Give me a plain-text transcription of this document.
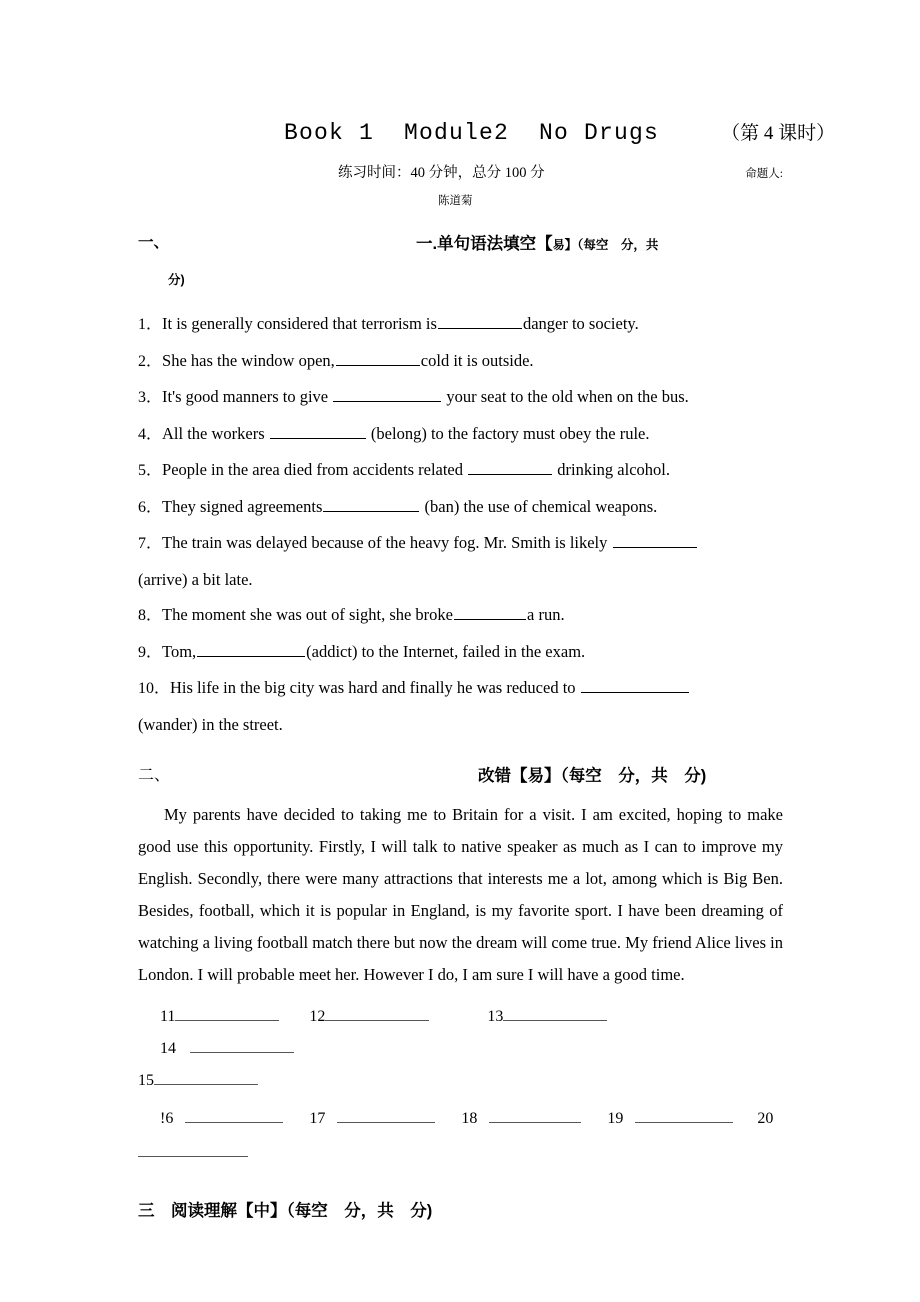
Book 1  Module2  No Drugs	（第 4 课时）
练习时间：40 分钟，总分 100 分	命题人:
陈道菊
一、	一.单句语法填空【易】（每空　分，共
分)
1．It is generally considered that terrorism is	danger to society.
2．She has the window open,	cold it is outside.
3．It's good manners to give	your seat to the old when on the bus.
4．All the workers	(belong) to the factory must obey the rule.
5．People in the area died from accidents related	drinking alcohol.
6．They signed agreements	(ban) the use of chemical weapons.
7．The train was delayed because of the heavy fog. Mr. Smith is likely
(arrive) a bit late.
8．The moment she was out of sight, she broke	a run.
9．Tom,	(addict) to the Internet, failed in the exam.
10．His life in the big city was hard and finally he was reduced to
(wander) in the street.
二、	改错【易】（每空　分，共　分)
My parents have decided to taking me to Britain for a visit. I am excited, hoping to make good use this opportunity. Firstly, I will talk to native speaker as much as I can to improve my English. Secondly, there were many attractions that interests me a lot, among which is Big Ben. Besides, football, which it is popular in England, is my favorite sport. I have been dreaming of watching a living football match there but now the dream will come true. My friend Alice lives in London. I will probable meet her. However I do, I am sure I will have a good time.
11	12	13  14
15
!6	17	18	19	20
三　阅读理解【中】（每空　分，共　分)
